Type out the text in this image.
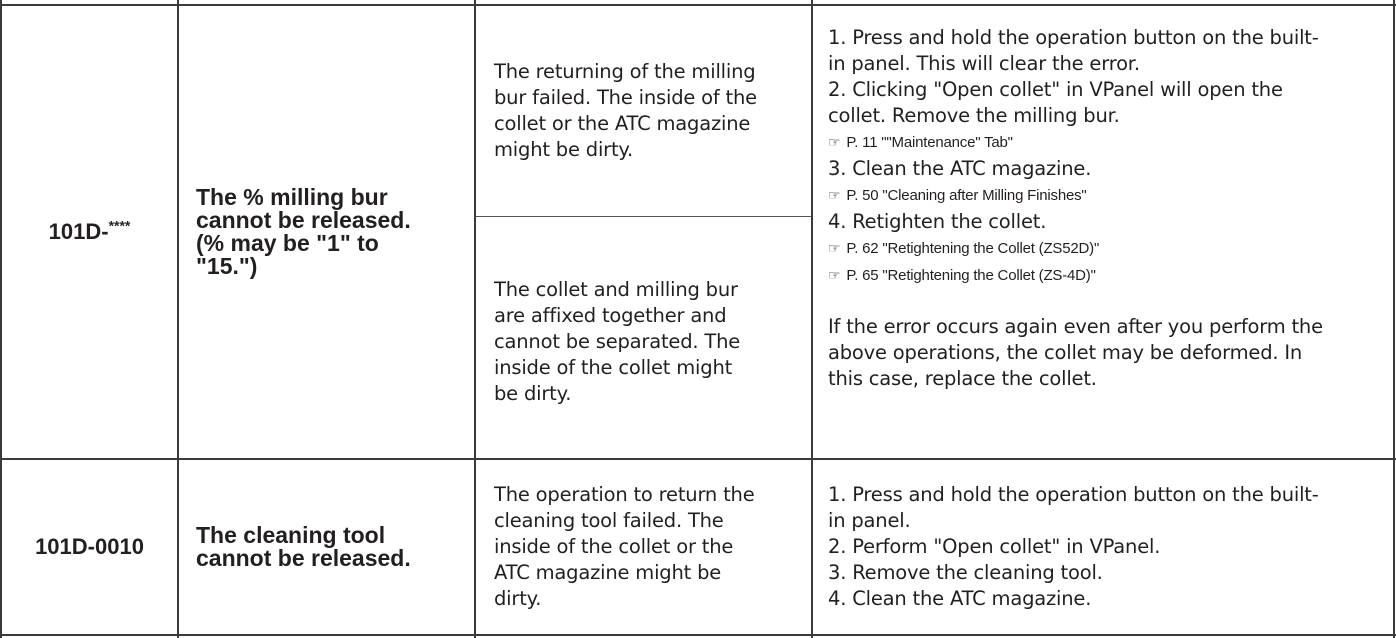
101D-****
The % milling bur
cannot be released.
(% may be "1" to
"15.")
The returning of the milling
bur failed. The inside of the
collet or the ATC magazine
might be dirty.
The collet and milling bur
are affixed together and
cannot be separated. The
inside of the collet might
be dirty.
1. Press and hold the operation button on the built-
in panel. This will clear the error.
2. Clicking "Open collet" in VPanel will open the
collet. Remove the milling bur.
☞ P. 11 ""Maintenance" Tab"
3. Clean the ATC magazine.
☞ P. 50 "Cleaning after Milling Finishes"
4. Retighten the collet.
☞ P. 62 "Retightening the Collet (ZS52D)"
☞ P. 65 "Retightening the Collet (ZS-4D)"
If the error occurs again even after you perform the
above operations, the collet may be deformed. In
this case, replace the collet.
101D-0010 The cleaning tool
cannot be released.
The operation to return the
cleaning tool failed. The
inside of the collet or the
ATC magazine might be
dirty.
1. Press and hold the operation button on the built-
in panel.
2. Perform "Open collet" in VPanel.
3. Remove the cleaning tool.
4. Clean the ATC magazine.
